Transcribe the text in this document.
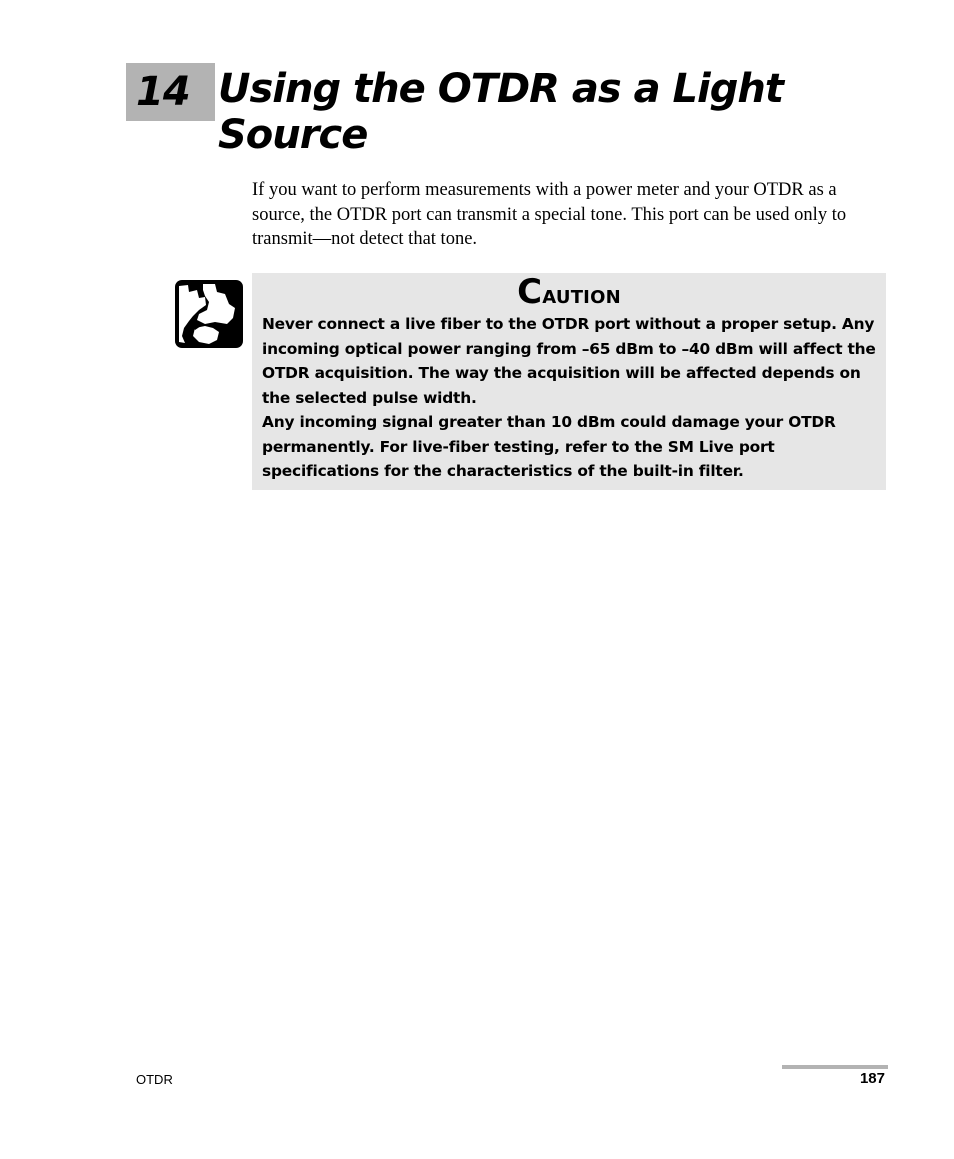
14 Using the OTDR as a Light Source

If you want to perform measurements with a power meter and your OTDR as a source, the OTDR port can transmit a special tone. This port can be used only to transmit—not detect that tone.

Caution

Never connect a live fiber to the OTDR port without a proper setup. Any incoming optical power ranging from –65 dBm to –40 dBm will affect the OTDR acquisition. The way the acquisition will be affected depends on the selected pulse width.

Any incoming signal greater than 10 dBm could damage your OTDR permanently. For live-fiber testing, refer to the SM Live port specifications for the characteristics of the built-in filter.

OTDR	187
